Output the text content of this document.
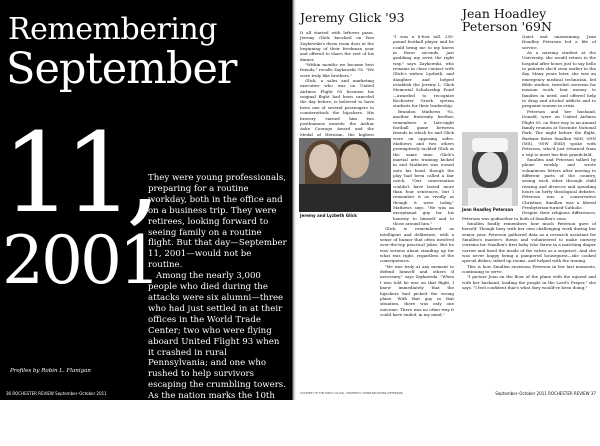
Remembering
September
11,
2001

They were young professionals, preparing for a routine workday, both in the office and on a business trip. They were retirees, looking forward to seeing family on a routine flight. But that day—September 11, 2001—would not be routine.

Among the nearly 3,000 people who died during the attacks were six alumni—three who had just settled in at their offices in the World Trade Center; two who were flying aboard United Flight 93 when it crashed in rural Pennsylvania; and one who rushed to help survivors escaping the crumbling towers. As the nation marks the 10th anniversary of the September 11 terrorist attacks, we talk with classmates of those who died about their friends.

Profiles by Robin L. Flanigan
36 ROCHESTER REVIEW September–October 2011
Jeremy Glick '93

It all started with leftover pizza. Jeremy Glick knocked on Ron Zaykowski's dorm room door at the beginning of their freshman year and offered to share the rest of his dinner.

"Within months we became best friends," recalls Zaykowski '92. "We were truly like brothers."

Glick, a sales and marketing executive who was on United Airlines Flight 93 because his original flight had been canceled the day before, is believed to have been one of several passengers to counterattack the hijackers. His bravery earned him two posthumous awards: the Arthur Ashe Courage Award and the Medal of Heroism, the highest

Jeremy and Lyzbeth Glick

"I was a 6-foot tall, 255-pound football player and he could bring me to my knees in those seconds, just grabbing my wrist the right way," says Zaykowski, who remains in close contact with Glick's widow, Lyzbeth, and daughter and helped establish the Jeremy L. Glick Memorial Scholarship Fund—awarded to recognize Rochester Greek system students for their leadership.

Brandon Mathews '92, another fraternity brother, remembers a late-night football game between friends in which he and Glick were on opposing sides. Mathews and two others preemptively tackled Glick at the same time. Glick's martial arts training kicked in and Mathews was tossed onto his head, though the play had been called a fair catch. "Our conversation couldn't have lasted more than four sentences, but I remember it as vividly as though it were today," Mathews says. "He was an exceptional guy for his honesty to himself and to those around him."

Glick is remembered as intelligent and deliberate, with a sense of humor that often involved over-the-top practical jokes. But he was serious about standing up for what was right, regardless of the consequences.

"He was truly at any moment to defend himself and others if necessary," says Zaykowski. "When I was told he was on that flight, I knew immediately that the hijackers had picked the wrong plane. With that guy in that situation, there was only one outcome. There was no other way it could have ended, in my mind."

Jean Hoadley Peterson '69N

Quiet and unassuming, Jean Hoadley Peterson led a life of service.

As a nursing student at the University, she would return to the hospital after hours just to say hello to patients she'd seen earlier in the day. Many years later, she was an emergency medical technician, led Bible studies, traveled overseas for mission work, lent money to families in need, and offered help to drug and alcohol addicts and to pregnant women in crisis.

Peterson and her husband, Donald, were on United Airlines Flight 93, on their way to an annual family reunion at Yosemite National Park. The night before the flight, Barbara Botes Smullen '66N, '69N (MS), '80W (EdD) spoke with Peterson, who'd just returned from a trip to meet her first grandchild.

Smullen and Peterson talked by phone weekly and wrote voluminous letters after moving to different parts of the country, seeing each other through child rearing and divorces and spending hours on hefty theological debates. Peterson was a conservative Christian; Smullen was a liberal Presbyterian-turned-Catholic. Despite their religious differences, Peterson was godmother to both of Smullen's sons.

Smullen fondly remembers how much Peterson gave of herself. Though busy with her own challenging work during her senior year, Peterson gathered data as a research assistant for Smullen's master's thesis and volunteered to make nursery curtains for Smullen's first baby (she threw in a matching diaper carrier and lined the inside of the valves as a surprise). And she was never happy being a pampered houseguest—she cooked special dishes, tidied up rooms, and helped with the ironing.

This is how Smullen envisions Peterson in her last moments, continuing to serve.

"I picture Jean on the floor of the plane with the injured and with her husband, leading the people in the Lord's Prayer," she says. "I feel confident that's what they would've been doing."

Jean Hoadley Peterson
COURTESY OF THE FAMILY (GLICK); UNIVERSITY COMMUNICATIONS (PETERSON)	September–October 2011 ROCHESTER REVIEW 37
